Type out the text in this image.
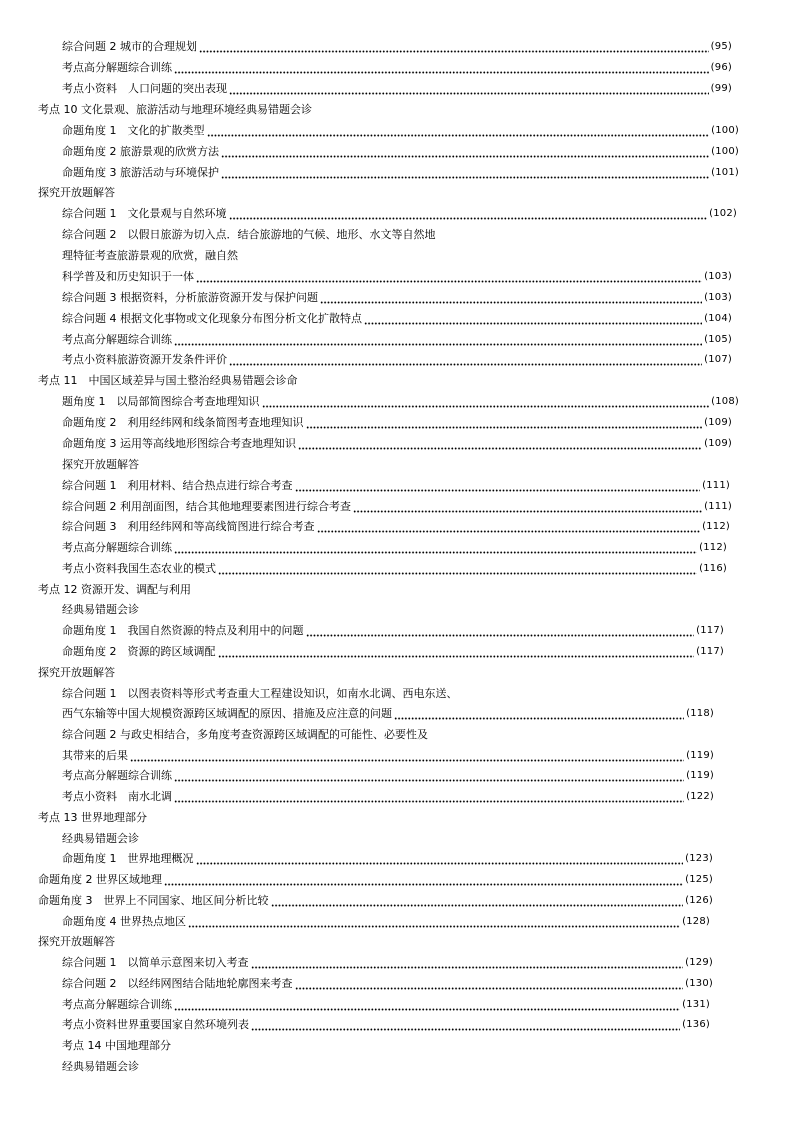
综合问题 2 城市的合理规划	(95)
考点高分解题综合训练	(96)
考点小资料　人口问题的突出表现	(99)
考点 10 文化景观、旅游活动与地理环境经典易错题会诊
命题角度 1　文化的扩散类型	(100)
命题角度 2 旅游景观的欣赏方法	(100)
命题角度 3 旅游活动与环境保护	(101)
探究开放题解答
综合问题 1　文化景观与自然环境	(102)
综合问题 2　以假日旅游为切入点．结合旅游地的气候、地形、水文等自然地
理特征考查旅游景观的欣赏，融自然
科学普及和历史知识于一体	(103)
综合问题 3 根据资料，分析旅游资源开发与保护问题	(103)
综合问题 4 根据文化事物或文化现象分布图分析文化扩散特点	(104)
考点高分解题综合训练	(105)
考点小资料旅游资源开发条件评价	(107)
考点 11　中国区域差异与国土整治经典易错题会诊命
题角度 1　以局部简图综合考查地理知识	(108)
命题角度 2　利用经纬网和线条简图考查地理知识	(109)
命题角度 3 运用等高线地形图综合考查地理知识	(109)
探究开放题解答
综合问题 1　利用材料、结合热点进行综合考查	(111)
综合问题 2 利用剖面图，结合其他地理要素图进行综合考查	(111)
综合问题 3　利用经纬网和等高线简图进行综合考查	(112)
考点高分解题综合训练	(112)
考点小资料我国生态农业的模式	(116)
考点 12 资源开发、调配与利用
经典易错题会诊
命题角度 1　我国自然资源的特点及利用中的问题	(117)
命题角度 2　资源的跨区域调配	(117)
探究开放题解答
综合问题 1　以图表资料等形式考查重大工程建设知识，如南水北调、西电东送、
西气东输等中国大规模资源跨区域调配的原因、措施及应注意的问题	(118)
综合问题 2 与政史相结合，多角度考查资源跨区域调配的可能性、必要性及
其带来的后果	(119)
考点高分解题综合训练	(119)
考点小资料　南水北调	(122)
考点 13 世界地理部分
经典易错题会诊
命题角度 1　世界地理概况	(123)
命题角度 2 世界区域地理	(125)
命题角度 3　世界上不同国家、地区间分析比较	(126)
命题角度 4 世界热点地区	(128)
探究开放题解答
综合问题 1　以简单示意图来切入考查	(129)
综合问题 2　以经纬网图结合陆地轮廓图来考查	(130)
考点高分解题综合训练	(131)
考点小资料世界重要国家自然环境列表	(136)
考点 14 中国地理部分
经典易错题会诊
